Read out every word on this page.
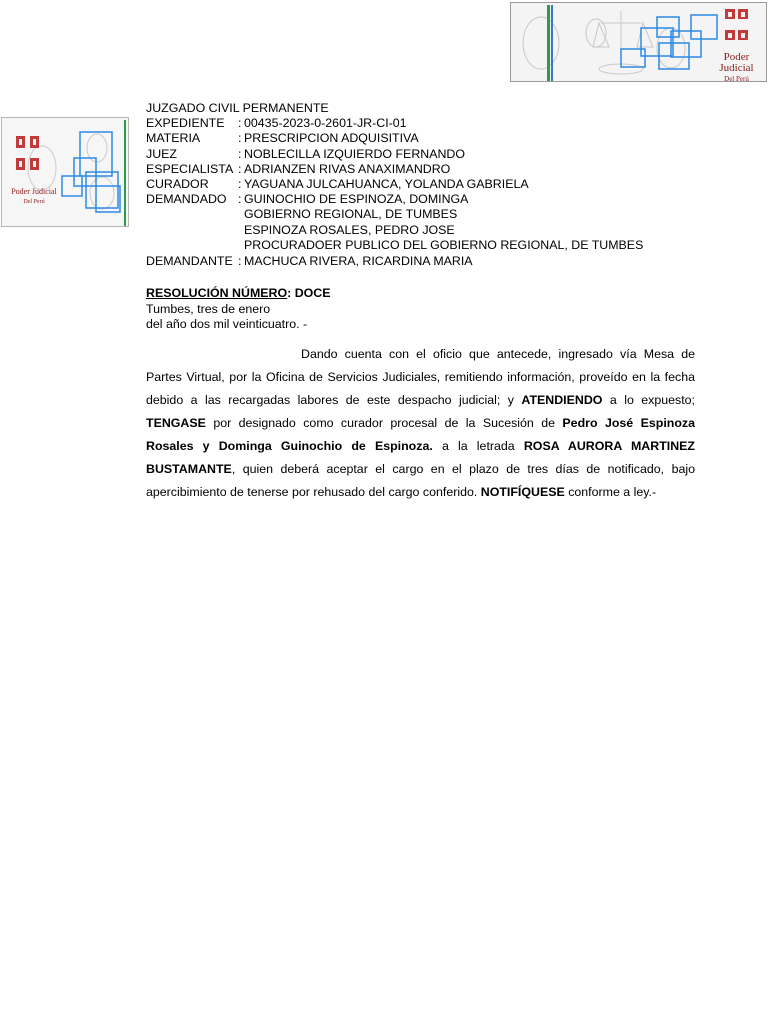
Poder Judicial
Del Perú
Poder Judicial
Del Perú
JUZGADO CIVIL PERMANENTE
EXPEDIENTE	: 00435-2023-0-2601-JR-CI-01
MATERIA	: PRESCRIPCION ADQUISITIVA
JUEZ	: NOBLECILLA IZQUIERDO FERNANDO
ESPECIALISTA : ADRIANZEN RIVAS ANAXIMANDRO
CURADOR	: YAGUANA JULCAHUANCA, YOLANDA GABRIELA
DEMANDADO : GUINOCHIO DE ESPINOZA, DOMINGA
GOBIERNO REGIONAL, DE TUMBES
ESPINOZA ROSALES, PEDRO JOSE
PROCURADOER PUBLICO DEL GOBIERNO REGIONAL, DE TUMBES
DEMANDANTE : MACHUCA RIVERA, RICARDINA MARIA
RESOLUCIÓN NÚMERO: DOCE
Tumbes, tres de enero
del año dos mil veinticuatro. -
Dando cuenta con el oficio que antecede, ingresado vía Mesa de Partes Virtual, por la Oficina de Servicios Judiciales, remitiendo información, proveído en la fecha debido a las recargadas labores de este despacho judicial; y ATENDIENDO a lo expuesto; TENGASE por designado como curador procesal de la Sucesión de Pedro José Espinoza Rosales y Dominga Guinochio de Espinoza. a la letrada ROSA AURORA MARTINEZ BUSTAMANTE, quien deberá aceptar el cargo en el plazo de tres días de notificado, bajo apercibimiento de tenerse por rehusado del cargo conferido. NOTIFÍQUESE conforme a ley.-
